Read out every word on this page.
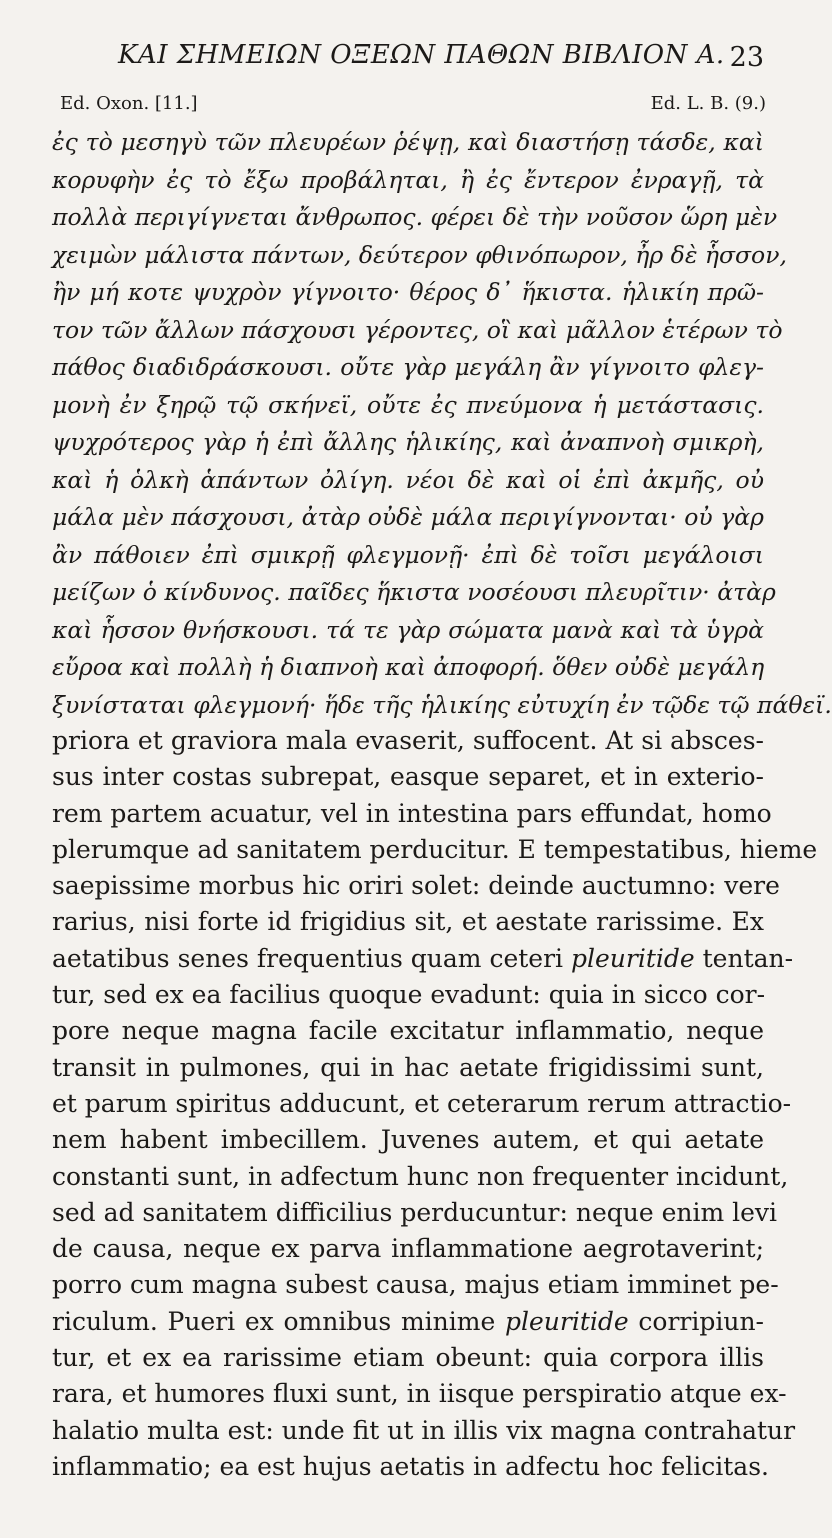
ΚΑΙ ΣΗΜΕΙΩΝ ΟΞΕΩΝ ΠΑΘΩΝ ΒΙΒΛΙΟΝ Α. 23
Ed. Oxon. [11.]	Ed. L. B. (9.)
ἐς τὸ μεσηγὺ τῶν πλευρέων ῥέψῃ, καὶ διαστήσῃ τάσδε, καὶ
κορυφὴν ἐς τὸ ἔξω προβάληται, ἢ ἐς ἔντερον ἐνραγῇ, τὰ
πολλὰ περιγίγνεται ἄνθρωπος. φέρει δὲ τὴν νοῦσον ὥρη μὲν
χειμὼν μάλιστα πάντων, δεύτερον φθινόπωρον, ἦρ δὲ ἧσσον,
ἢν μή κοτε ψυχρὸν γίγνοιτο· θέρος δ᾽ ἥκιστα. ἡλικίη πρῶ-
τον τῶν ἄλλων πάσχουσι γέροντες, οἳ καὶ μᾶλλον ἑτέρων τὸ
πάθος διαδιδράσκουσι. οὔτε γὰρ μεγάλη ἂν γίγνοιτο φλεγ-
μονὴ ἐν ξηρῷ τῷ σκήνεϊ, οὔτε ἐς πνεύμονα ἡ μετάστασις.
ψυχρότερος γὰρ ἡ ἐπὶ ἄλλης ἡλικίης, καὶ ἀναπνοὴ σμικρὴ,
καὶ ἡ ὁλκὴ ἁπάντων ὀλίγη. νέοι δὲ καὶ οἱ ἐπὶ ἀκμῆς, οὐ
μάλα μὲν πάσχουσι, ἀτὰρ οὐδὲ μάλα περιγίγνονται· οὐ γὰρ
ἂν πάθοιεν ἐπὶ σμικρῇ φλεγμονῇ· ἐπὶ δὲ τοῖσι μεγάλοισι
μείζων ὁ κίνδυνος. παῖδες ἥκιστα νοσέουσι πλευρῖτιν· ἀτὰρ
καὶ ἧσσον θνήσκουσι. τά τε γὰρ σώματα μανὰ καὶ τὰ ὑγρὰ
εὔροα καὶ πολλὴ ἡ διαπνοὴ καὶ ἀποφορή. ὅθεν οὐδὲ μεγάλη
ξυνίσταται φλεγμονή· ἥδε τῆς ἡλικίης εὐτυχίη ἐν τῷδε τῷ πάθεϊ.
priora et graviora mala evaserit, suffocent. At si absces-
sus inter costas subrepat, easque separet, et in exterio-
rem partem acuatur, vel in intestina pars effundat, homo
plerumque ad sanitatem perducitur. E tempestatibus, hieme
saepissime morbus hic oriri solet: deinde auctumno: vere
rarius, nisi forte id frigidius sit, et aestate rarissime. Ex
aetatibus senes frequentius quam ceteri pleuritide tentan-
tur, sed ex ea facilius quoque evadunt: quia in sicco cor-
pore neque magna facile excitatur inflammatio, neque
transit in pulmones, qui in hac aetate frigidissimi sunt,
et parum spiritus adducunt, et ceterarum rerum attractio-
nem habent imbecillem. Juvenes autem, et qui aetate
constanti sunt, in adfectum hunc non frequenter incidunt,
sed ad sanitatem difficilius perducuntur: neque enim levi
de causa, neque ex parva inflammatione aegrotaverint;
porro cum magna subest causa, majus etiam imminet pe-
riculum. Pueri ex omnibus minime pleuritide corripiun-
tur, et ex ea rarissime etiam obeunt: quia corpora illis
rara, et humores fluxi sunt, in iisque perspiratio atque ex-
halatio multa est: unde fit ut in illis vix magna contrahatur
inflammatio; ea est hujus aetatis in adfectu hoc felicitas.
